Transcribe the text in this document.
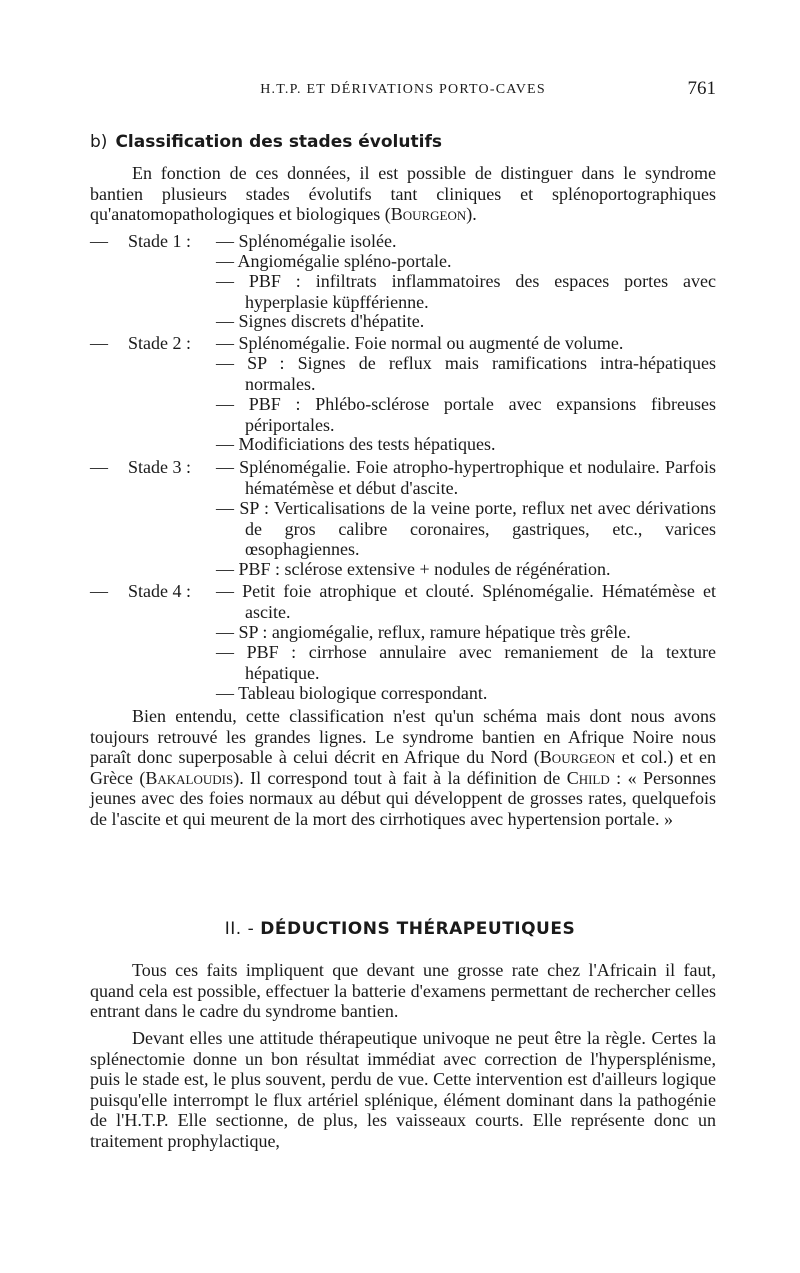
H.T.P. ET DÉRIVATIONS PORTO-CAVES	761
b) Classification des stades évolutifs

En fonction de ces données, il est possible de distinguer dans le syndrome bantien plusieurs stades évolutifs tant cliniques et splénoportographiques qu'anatomopathologiques et biologiques (Bourgeon).

— Stade 1 :	— Splénomégalie isolée.
— Angiomégalie spléno-portale.
— PBF : infiltrats inflammatoires des espaces portes avec hyperplasie küpfférienne.
— Signes discrets d'hépatite.
— Stade 2 :	— Splénomégalie. Foie normal ou augmenté de volume.
— SP : Signes de reflux mais ramifications intra-hépatiques normales.
— PBF : Phlébo-sclérose portale avec expansions fibreuses périportales.
— Modificiations des tests hépatiques.
— Stade 3 :	— Splénomégalie. Foie atropho-hypertrophique et nodulaire. Parfois hématémèse et début d'ascite.
— SP : Verticalisations de la veine porte, reflux net avec dérivations de gros calibre coronaires, gastriques, etc., varices œsophagiennes.
— PBF : sclérose extensive + nodules de régénération.
— Stade 4 :	— Petit foie atrophique et clouté. Splénomégalie. Hématémèse et ascite.
— SP : angiomégalie, reflux, ramure hépatique très grêle.
— PBF : cirrhose annulaire avec remaniement de la texture hépatique.
— Tableau biologique correspondant.

Bien entendu, cette classification n'est qu'un schéma mais dont nous avons toujours retrouvé les grandes lignes. Le syndrome bantien en Afrique Noire nous paraît donc superposable à celui décrit en Afrique du Nord (Bourgeon et col.) et en Grèce (Bakaloudis). Il correspond tout à fait à la définition de Child : « Personnes jeunes avec des foies normaux au début qui développent de grosses rates, quelquefois de l'ascite et qui meurent de la mort des cirrhotiques avec hypertension portale. »

II. - DÉDUCTIONS THÉRAPEUTIQUES

Tous ces faits impliquent que devant une grosse rate chez l'Africain il faut, quand cela est possible, effectuer la batterie d'examens permettant de rechercher celles entrant dans le cadre du syndrome bantien.

Devant elles une attitude thérapeutique univoque ne peut être la règle. Certes la splénectomie donne un bon résultat immédiat avec correction de l'hypersplénisme, puis le stade est, le plus souvent, perdu de vue. Cette intervention est d'ailleurs logique puisqu'elle interrompt le flux artériel splénique, élément dominant dans la pathogénie de l'H.T.P. Elle sectionne, de plus, les vaisseaux courts. Elle représente donc un traitement prophylactique,
